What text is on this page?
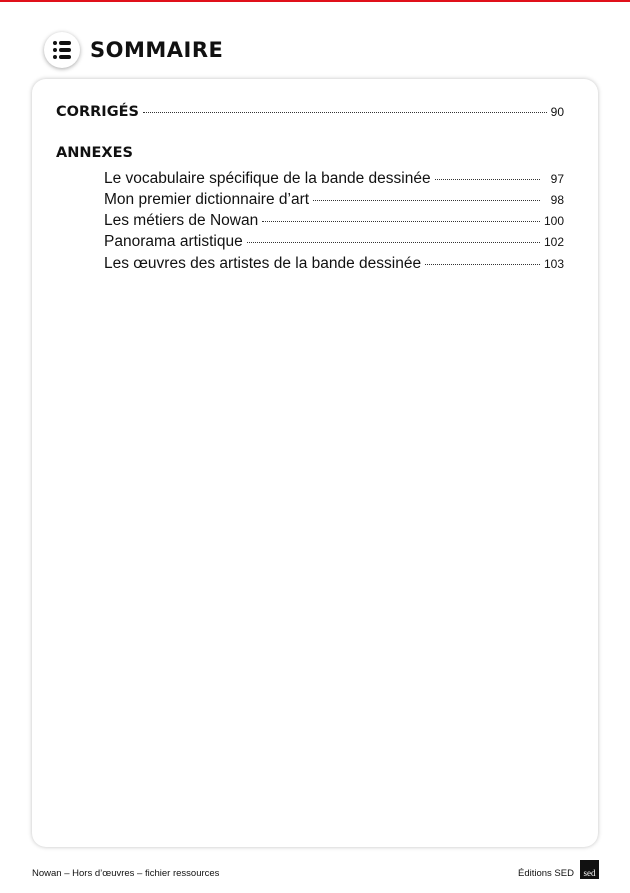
SOMMAIRE
CORRIGÉS	90
ANNEXES
Le vocabulaire spécifique de la bande dessinée	97
Mon premier dictionnaire d’art	98
Les métiers de Nowan	100
Panorama artistique	102
Les œuvres des artistes de la bande dessinée	103
Nowan – Hors d’œuvres – fichier ressources	Éditions SED sed
